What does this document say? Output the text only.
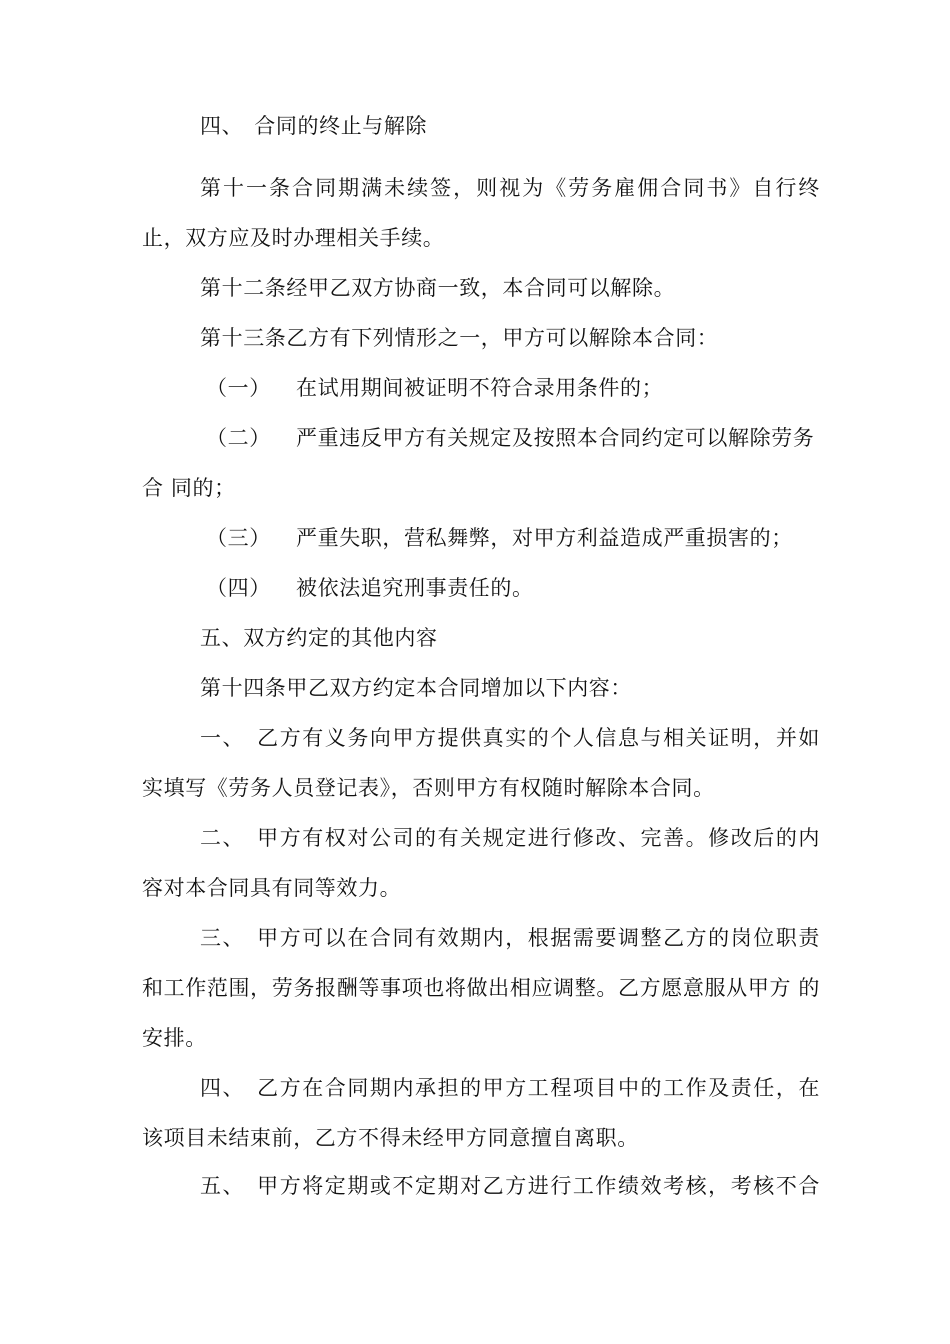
四、　合同的终止与解除
第十一条合同期满未续签，则视为《劳务雇佣合同书》自行终
止，双方应及时办理相关手续。
第十二条经甲乙双方协商一致，本合同可以解除。
第十三条乙方有下列情形之一，甲方可以解除本合同：
（一） 在试用期间被证明不符合录用条件的；
（二） 严重违反甲方有关规定及按照本合同约定可以解除劳务
合 同的；
（三） 严重失职，营私舞弊，对甲方利益造成严重损害的；
（四） 被依法追究刑事责任的。
五、双方约定的其他内容
第十四条甲乙双方约定本合同增加以下内容：
一、　乙方有义务向甲方提供真实的个人信息与相关证明，并如
实填写《劳务人员登记表》，否则甲方有权随时解除本合同。
二、　甲方有权对公司的有关规定进行修改、完善。修改后的内
容对本合同具有同等效力。
三、　甲方可以在合同有效期内，根据需要调整乙方的岗位职责
和工作范围，劳务报酬等事项也将做出相应调整。乙方愿意服从甲方 的
安排。
四、　乙方在合同期内承担的甲方工程项目中的工作及责任，在
该项目未结束前，乙方不得未经甲方同意擅自离职。
五、　甲方将定期或不定期对乙方进行工作绩效考核，考核不合
